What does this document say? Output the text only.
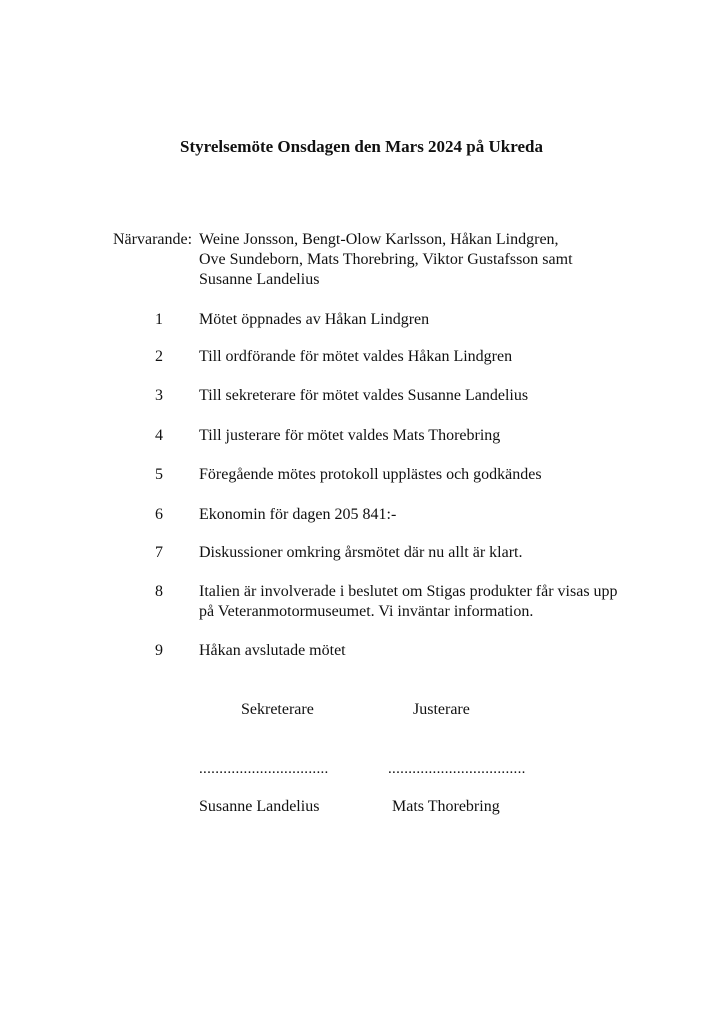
Styrelsemöte Onsdagen den Mars 2024 på Ukreda
Närvarande: Weine Jonsson, Bengt-Olow Karlsson, Håkan Lindgren,
Ove Sundeborn, Mats Thorebring, Viktor Gustafsson samt
Susanne Landelius
1	Mötet öppnades av Håkan Lindgren
2	Till ordförande för mötet valdes Håkan Lindgren
3	Till sekreterare för mötet valdes Susanne Landelius
4	Till justerare för mötet valdes Mats Thorebring
5	Föregående mötes protokoll upplästes och godkändes
6	Ekonomin för dagen 205 841:-
7	Diskussioner omkring årsmötet där nu allt är klart.
8	Italien är involverade i beslutet om Stigas produkter får visas upp
på Veteranmotormuseumet. Vi inväntar information.
9	Håkan avslutade mötet
Sekreterare	Justerare
................................	..................................
Susanne Landelius	Mats Thorebring
